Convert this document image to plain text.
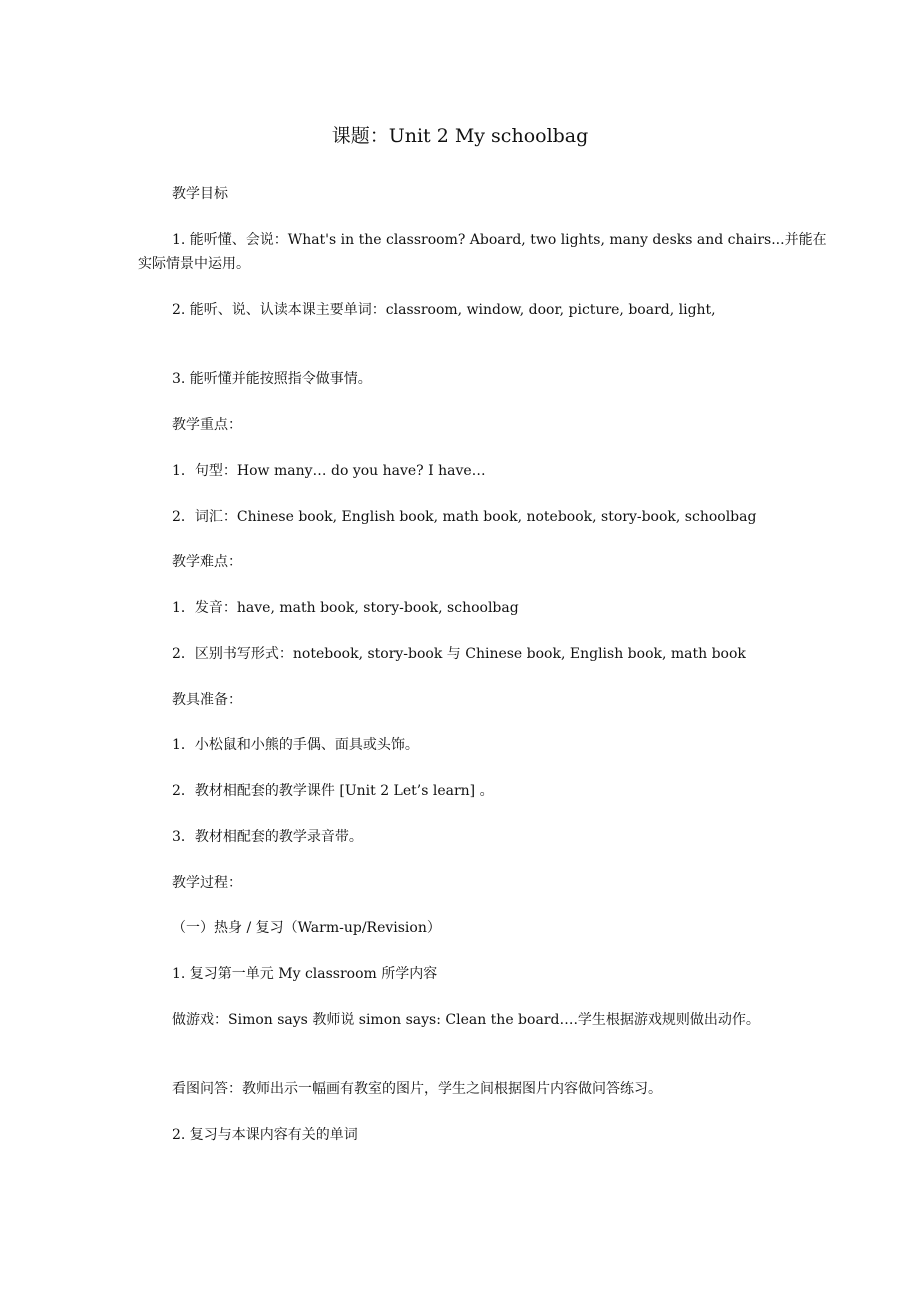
课题：Unit 2 My schoolbag
教学目标
1. 能听懂、会说：What's in the classroom? Aboard, two lights, many desks and chairs...并能在实际情景中运用。
2. 能听、说、认读本课主要单词：classroom, window, door, picture, board, light,
3. 能听懂并能按照指令做事情。
教学重点：
1．句型：How many… do you have? I have…
2．词汇：Chinese book, English book, math book, notebook, story-book, schoolbag
教学难点：
1．发音：have, math book, story-book, schoolbag
2．区别书写形式：notebook, story-book 与 Chinese book, English book, math book
教具准备：
1．小松鼠和小熊的手偶、面具或头饰。
2．教材相配套的教学课件 [Unit 2 Let’s learn] 。
3．教材相配套的教学录音带。
教学过程：
（一）热身 / 复习（Warm-up/Revision）
1. 复习第一单元 My classroom 所学内容
做游戏：Simon says 教师说 simon says: Clean the board….学生根据游戏规则做出动作。
看图问答：教师出示一幅画有教室的图片，学生之间根据图片内容做问答练习。
2. 复习与本课内容有关的单词
